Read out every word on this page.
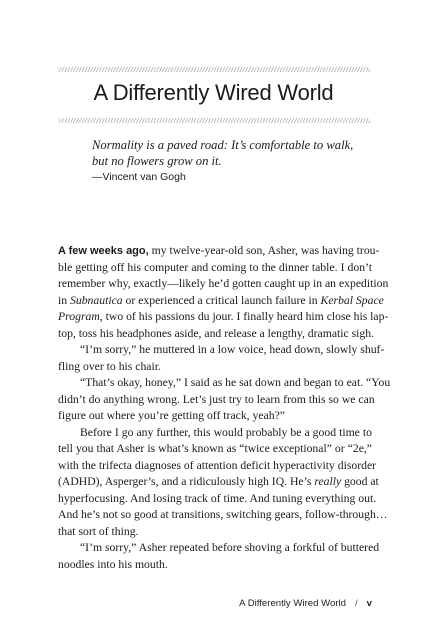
A Differently Wired World

Normality is a paved road: It’s comfortable to walk,
but no flowers grow on it.

—Vincent van Gogh

A few weeks ago, my twelve-year-old son, Asher, was having trou-
ble getting off his computer and coming to the dinner table. I don’t
remember why, exactly—likely he’d gotten caught up in an expedition
in Subnautica or experienced a critical launch failure in Kerbal Space
Program, two of his passions du jour. I finally heard him close his lap-
top, toss his headphones aside, and release a lengthy, dramatic sigh.
“I’m sorry,” he muttered in a low voice, head down, slowly shuf-
fling over to his chair.
“That’s okay, honey,” I said as he sat down and began to eat. “You
didn’t do anything wrong. Let’s just try to learn from this so we can
figure out where you’re getting off track, yeah?”
Before I go any further, this would probably be a good time to
tell you that Asher is what’s known as “twice exceptional” or “2e,”
with the trifecta diagnoses of attention deficit hyperactivity disorder
(ADHD), Asperger’s, and a ridiculously high IQ. He’s really good at
hyperfocusing. And losing track of time. And tuning everything out.
And he’s not so good at transitions, switching gears, follow-through…
that sort of thing.
“I’m sorry,” Asher repeated before shoving a forkful of buttered
noodles into his mouth.
A Differently Wired World / v
